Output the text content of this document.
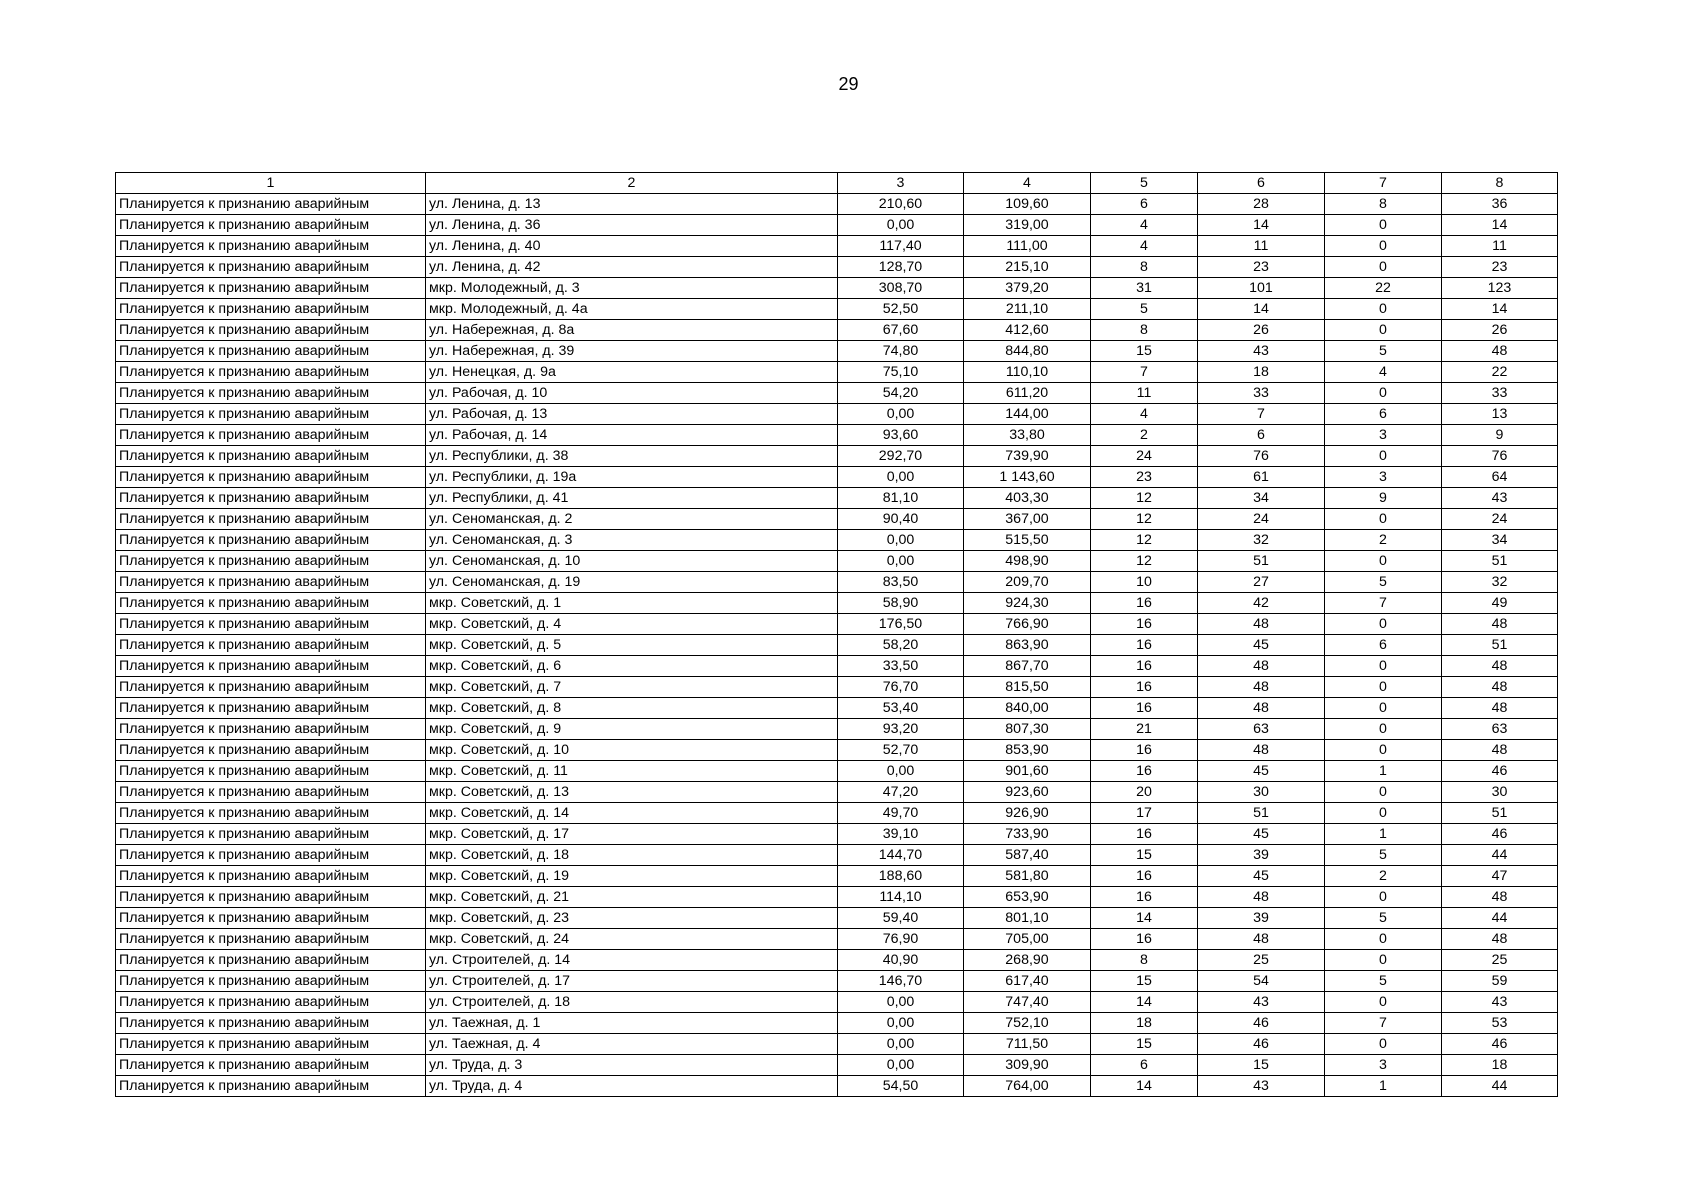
29
1	2	3	4	5	6	7	8
Планируется к признанию аварийным	ул. Ленина, д. 13	210,60	109,60	6	28	8	36
Планируется к признанию аварийным	ул. Ленина, д. 36	0,00	319,00	4	14	0	14
Планируется к признанию аварийным	ул. Ленина, д. 40	117,40	111,00	4	11	0	11
Планируется к признанию аварийным	ул. Ленина, д. 42	128,70	215,10	8	23	0	23
Планируется к признанию аварийным	мкр. Молодежный, д. 3	308,70	379,20	31	101	22	123
Планируется к признанию аварийным	мкр. Молодежный, д. 4а	52,50	211,10	5	14	0	14
Планируется к признанию аварийным	ул. Набережная, д. 8а	67,60	412,60	8	26	0	26
Планируется к признанию аварийным	ул. Набережная, д. 39	74,80	844,80	15	43	5	48
Планируется к признанию аварийным	ул. Ненецкая, д. 9а	75,10	110,10	7	18	4	22
Планируется к признанию аварийным	ул. Рабочая, д. 10	54,20	611,20	11	33	0	33
Планируется к признанию аварийным	ул. Рабочая, д. 13	0,00	144,00	4	7	6	13
Планируется к признанию аварийным	ул. Рабочая, д. 14	93,60	33,80	2	6	3	9
Планируется к признанию аварийным	ул. Республики, д. 38	292,70	739,90	24	76	0	76
Планируется к признанию аварийным	ул. Республики, д. 19а	0,00	1 143,60	23	61	3	64
Планируется к признанию аварийным	ул. Республики, д. 41	81,10	403,30	12	34	9	43
Планируется к признанию аварийным	ул. Сеноманская, д. 2	90,40	367,00	12	24	0	24
Планируется к признанию аварийным	ул. Сеноманская, д. 3	0,00	515,50	12	32	2	34
Планируется к признанию аварийным	ул. Сеноманская, д. 10	0,00	498,90	12	51	0	51
Планируется к признанию аварийным	ул. Сеноманская, д. 19	83,50	209,70	10	27	5	32
Планируется к признанию аварийным	мкр. Советский, д. 1	58,90	924,30	16	42	7	49
Планируется к признанию аварийным	мкр. Советский, д. 4	176,50	766,90	16	48	0	48
Планируется к признанию аварийным	мкр. Советский, д. 5	58,20	863,90	16	45	6	51
Планируется к признанию аварийным	мкр. Советский, д. 6	33,50	867,70	16	48	0	48
Планируется к признанию аварийным	мкр. Советский, д. 7	76,70	815,50	16	48	0	48
Планируется к признанию аварийным	мкр. Советский, д. 8	53,40	840,00	16	48	0	48
Планируется к признанию аварийным	мкр. Советский, д. 9	93,20	807,30	21	63	0	63
Планируется к признанию аварийным	мкр. Советский, д. 10	52,70	853,90	16	48	0	48
Планируется к признанию аварийным	мкр. Советский, д. 11	0,00	901,60	16	45	1	46
Планируется к признанию аварийным	мкр. Советский, д. 13	47,20	923,60	20	30	0	30
Планируется к признанию аварийным	мкр. Советский, д. 14	49,70	926,90	17	51	0	51
Планируется к признанию аварийным	мкр. Советский, д. 17	39,10	733,90	16	45	1	46
Планируется к признанию аварийным	мкр. Советский, д. 18	144,70	587,40	15	39	5	44
Планируется к признанию аварийным	мкр. Советский, д. 19	188,60	581,80	16	45	2	47
Планируется к признанию аварийным	мкр. Советский, д. 21	114,10	653,90	16	48	0	48
Планируется к признанию аварийным	мкр. Советский, д. 23	59,40	801,10	14	39	5	44
Планируется к признанию аварийным	мкр. Советский, д. 24	76,90	705,00	16	48	0	48
Планируется к признанию аварийным	ул. Строителей, д. 14	40,90	268,90	8	25	0	25
Планируется к признанию аварийным	ул. Строителей, д. 17	146,70	617,40	15	54	5	59
Планируется к признанию аварийным	ул. Строителей, д. 18	0,00	747,40	14	43	0	43
Планируется к признанию аварийным	ул. Таежная, д. 1	0,00	752,10	18	46	7	53
Планируется к признанию аварийным	ул. Таежная, д. 4	0,00	711,50	15	46	0	46
Планируется к признанию аварийным	ул. Труда, д. 3	0,00	309,90	6	15	3	18
Планируется к признанию аварийным	ул. Труда, д. 4	54,50	764,00	14	43	1	44
